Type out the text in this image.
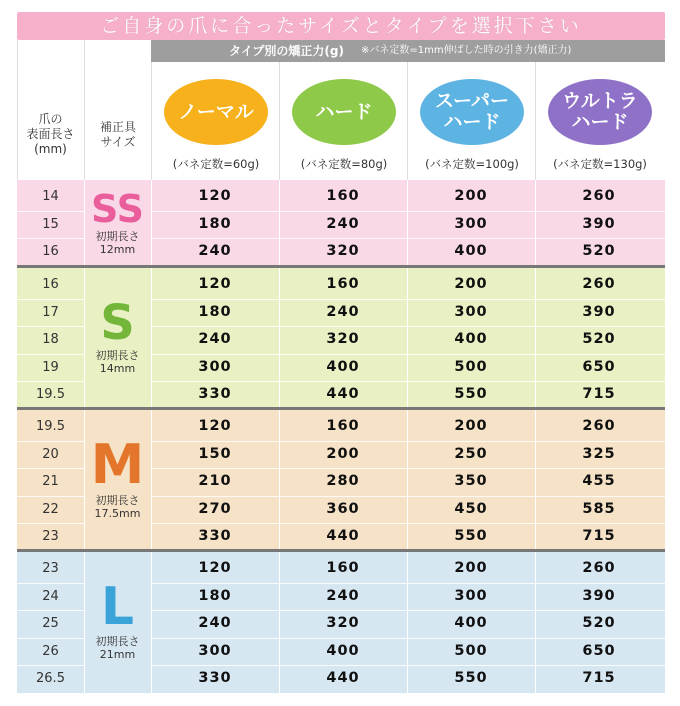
ご自身の爪に合ったサイズとタイプを選択下さい
爪の
表面長さ
(mm)
補正具
サイズ
タイプ別の矯正力(g) ※バネ定数=1mm伸ばした時の引き力(矯正力)
ノーマル
(バネ定数=60g)
ハード
(バネ定数=80g)
スーパー
ハード
(バネ定数=100g)
ウルトラ
ハード
(バネ定数=130g)
14	120	160	200	260
15	180	240	300	390
16	240	320	400	520
SS
初期長さ
12mm
16	120	160	200	260
17	180	240	300	390
18	240	320	400	520
19	300	400	500	650
19.5	330	440	550	715
S
初期長さ
14mm
19.5	120	160	200	260
20	150	200	250	325
21	210	280	350	455
22	270	360	450	585
23	330	440	550	715
M
初期長さ
17.5mm
23	120	160	200	260
24	180	240	300	390
25	240	320	400	520
26	300	400	500	650
26.5	330	440	550	715
L
初期長さ
21mm
